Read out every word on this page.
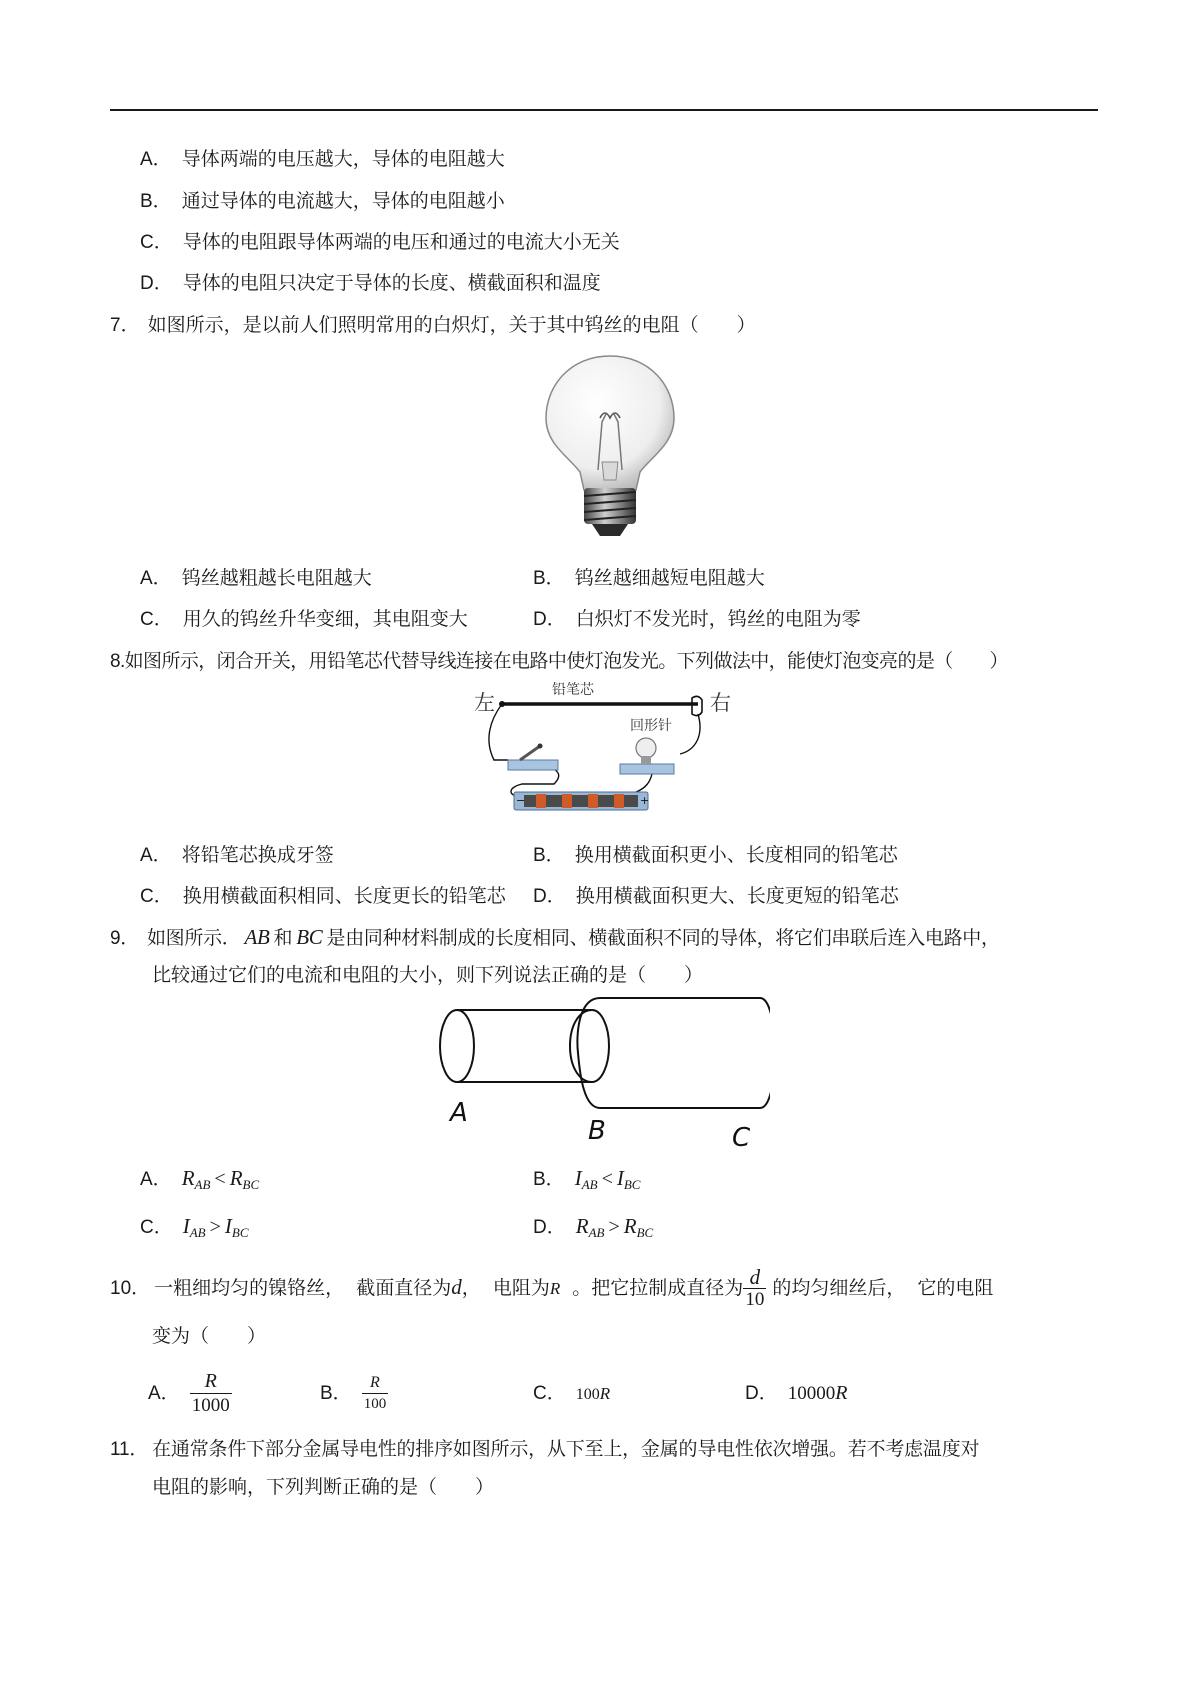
A． 导体两端的电压越大，导体的电阻越大
B． 通过导体的电流越大，导体的电阻越小
C． 导体的电阻跟导体两端的电压和通过的电流大小无关
D． 导体的电阻只决定于导体的长度、横截面积和温度
7． 如图所示，是以前人们照明常用的白炽灯，关于其中钨丝的电阻（　　）
A． 钨丝越粗越长电阻越大	B． 钨丝越细越短电阻越大
C． 用久的钨丝升华变细，其电阻变大	D． 白炽灯不发光时，钨丝的电阻为零
8.如图所示，闭合开关，用铅笔芯代替导线连接在电路中使灯泡发光。下列做法中，能使灯泡变亮的是（　　）
左	右
铅笔芯
回形针
−	+
A． 将铅笔芯换成牙签	B． 换用横截面积更小、长度相同的铅笔芯
C． 换用横截面积相同、长度更长的铅笔芯 D． 换用横截面积更大、长度更短的铅笔芯
9． 如图所示． AB 和 BC 是由同种材料制成的长度相同、横截面积不同的导体，将它们串联后连入电路中，
比较通过它们的电流和电阻的大小，则下列说法正确的是（　　）
A
B	C
A． $R_{AB} < R_{BC}$	B． $I_{AB} < I_{BC}$
C． $I_{AB} > I_{BC}$	D． $R_{AB} > R_{BC}$
10． 一粗细均匀的镍铬丝，  截面直径为d，  电阻为R  。把它拉制成直径为 $\frac{d}{10}$ 的均匀细丝后，  它的电阻
变为（　　）
A． $\frac{R}{1000}$	B． $\frac{R}{100}$	C． 100R	D． 10000R
11． 在通常条件下部分金属导电性的排序如图所示，从下至上，金属的导电性依次增强。若不考虑温度对
电阻的影响，下列判断正确的是（　　）
